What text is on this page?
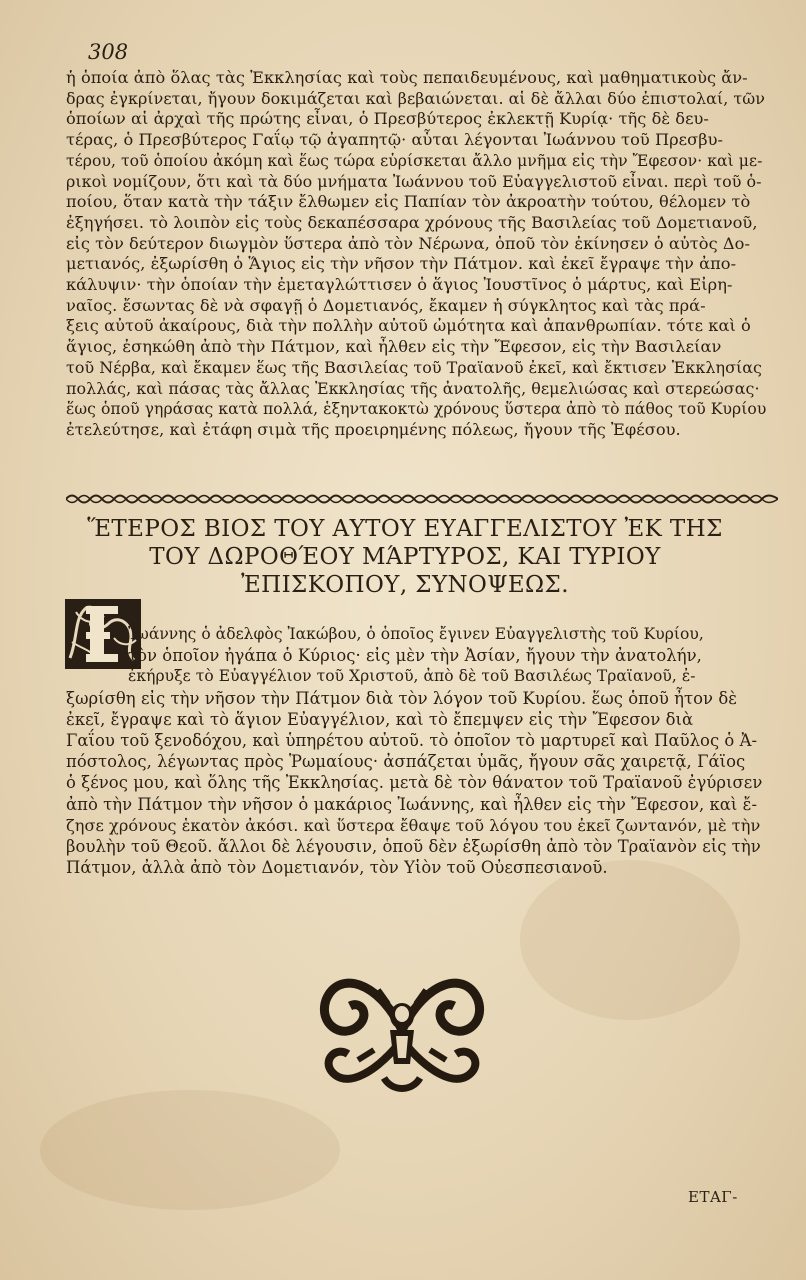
308
ἡ ὁποία ἀπὸ ὅλας τὰς Ἐκκλησίας καὶ τοὺς πεπαιδευμένους, καὶ μαθηματικοὺς ἄν-
δρας ἐγκρίνεται, ἤγουν δοκιμάζεται καὶ βεβαιώνεται. αἱ δὲ ἄλλαι δύο ἐπιστολαί, τῶν
ὁποίων αἱ ἀρχαὶ τῆς πρώτης εἶναι, ὁ Πρεσβύτερος ἐκλεκτῇ Κυρίᾳ· τῆς δὲ δευ-
τέρας, ὁ Πρεσβύτερος Γαΐῳ τῷ ἀγαπητῷ· αὗται λέγονται Ἰωάννου τοῦ Πρεσβυ-
τέρου, τοῦ ὁποίου ἀκόμη καὶ ἕως τώρα εὑρίσκεται ἄλλο μνῆμα εἰς τὴν Ἔφεσον· καὶ με-
ρικοὶ νομίζουν, ὅτι καὶ τὰ δύο μνήματα Ἰωάννου τοῦ Εὐαγγελιστοῦ εἶναι. περὶ τοῦ ὁ-
ποίου, ὅταν κατὰ τὴν τάξιν ἔλθωμεν εἰς Παπίαν τὸν ἀκροατὴν τούτου, θέλομεν τὸ
ἐξηγήσει. τὸ λοιπὸν εἰς τοὺς δεκαπέσσαρα χρόνους τῆς Βασιλείας τοῦ Δομετιανοῦ,
εἰς τὸν δεύτερον διωγμὸν ὕστερα ἀπὸ τὸν Νέρωνα, ὁποῦ τὸν ἐκίνησεν ὁ αὐτὸς Δο-
μετιανός, ἐξωρίσθη ὁ Ἅγιος εἰς τὴν νῆσον τὴν Πάτμον. καὶ ἐκεῖ ἔγραψε τὴν ἀπο-
κάλυψιν· τὴν ὁποίαν τὴν ἐμεταγλώττισεν ὁ ἅγιος Ἰουστῖνος ὁ μάρτυς, καὶ Εἰρη-
ναῖος. ἔσωντας δὲ νὰ σφαγῇ ὁ Δομετιανός, ἔκαμεν ἡ σύγκλητος καὶ τὰς πρά-
ξεις αὐτοῦ ἀκαίρους, διὰ τὴν πολλὴν αὐτοῦ ὠμότητα καὶ ἀπανθρωπίαν. τότε καὶ ὁ
ἅγιος, ἐσηκώθη ἀπὸ τὴν Πάτμον, καὶ ἦλθεν εἰς τὴν Ἔφεσον, εἰς τὴν Βασιλείαν
τοῦ Νέρβα, καὶ ἔκαμεν ἕως τῆς Βασιλείας τοῦ Τραϊανοῦ ἐκεῖ, καὶ ἔκτισεν Ἐκκλησίας
πολλάς, καὶ πάσας τὰς ἄλλας Ἐκκλησίας τῆς ἀνατολῆς, θεμελιώσας καὶ στερεώσας·
ἕως ὁποῦ γηράσας κατὰ πολλά, ἑξηντακοκτὼ χρόνους ὕστερα ἀπὸ τὸ πάθος τοῦ Κυρίου
ἐτελεύτησε, καὶ ἐτάφη σιμὰ τῆς προειρημένης πόλεως, ἤγουν τῆς Ἐφέσου.
ἝΤΕΡΟΣ ΒΙΟΣ ΤΟΥ ΑΥΤΟΥ ΕΥΑΓΓΕΛΙΣΤΟΥ ἘΚ ΤΗΣ
ΤΟΥ ΔΩΡΟΘΈΟΥ ΜΆΡΤΥΡΟΣ, ΚΑΙ ΤΥΡΙΟΥ
ἘΠΙΣΚΟΠΟΥ, ΣΥΝΟΨΕΩΣ.
Ἰωάννης ὁ ἀδελφὸς Ἰακώβου, ὁ ὁποῖος ἔγινεν Εὐαγγελιστὴς τοῦ Κυρίου,
τὸν ὁποῖον ἠγάπα ὁ Κύριος· εἰς μὲν τὴν Ἀσίαν, ἤγουν τὴν ἀνατολήν,
ἐκήρυξε τὸ Εὐαγγέλιον τοῦ Χριστοῦ, ἀπὸ δὲ τοῦ Βασιλέως Τραϊανοῦ, ἐ-
ξωρίσθη εἰς τὴν νῆσον τὴν Πάτμον διὰ τὸν λόγον τοῦ Κυρίου. ἕως ὁποῦ ἦτον δὲ
ἐκεῖ, ἔγραψε καὶ τὸ ἅγιον Εὐαγγέλιον, καὶ τὸ ἔπεμψεν εἰς τὴν Ἔφεσον διὰ
Γαΐου τοῦ ξενοδόχου, καὶ ὑπηρέτου αὐτοῦ. τὸ ὁποῖον τὸ μαρτυρεῖ καὶ Παῦλος ὁ Ἀ-
πόστολος, λέγωντας πρὸς Ῥωμαίους· ἀσπάζεται ὑμᾶς, ἤγουν σᾶς χαιρετᾷ, Γάϊος
ὁ ξένος μου, καὶ ὅλης τῆς Ἐκκλησίας. μετὰ δὲ τὸν θάνατον τοῦ Τραϊανοῦ ἐγύρισεν
ἀπὸ τὴν Πάτμον τὴν νῆσον ὁ μακάριος Ἰωάννης, καὶ ἦλθεν εἰς τὴν Ἔφεσον, καὶ ἔ-
ζησε χρόνους ἑκατὸν ἀκόσι. καὶ ὕστερα ἔθαψε τοῦ λόγου του ἐκεῖ ζωντανόν, μὲ τὴν
βουλὴν τοῦ Θεοῦ. ἄλλοι δὲ λέγουσιν, ὁποῦ δὲν ἐξωρίσθη ἀπὸ τὸν Τραϊανὸν εἰς τὴν
Πάτμον, ἀλλὰ ἀπὸ τὸν Δομετιανόν, τὸν Υἱὸν τοῦ Οὐεσπεσιανοῦ.
ΕΤΑΓ-
